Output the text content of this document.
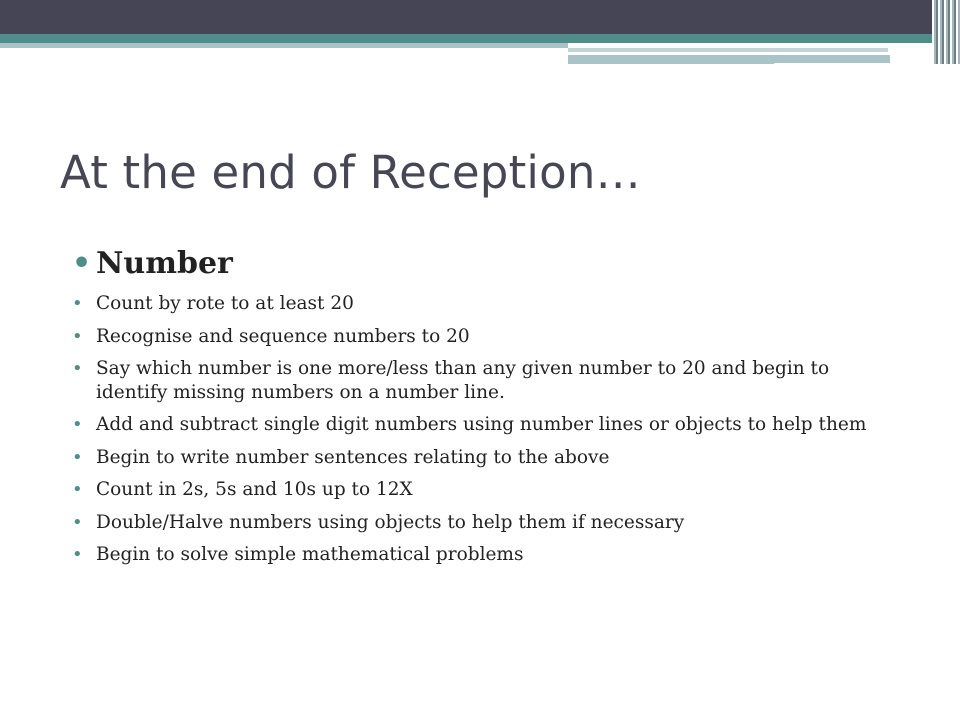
At the end of Reception…
• Number
• Count by rote to at least 20
• Recognise and sequence numbers to 20
• Say which number is one more/less than any given number to 20 and begin to identify missing numbers on a number line.
• Add and subtract single digit numbers using number lines or objects to help them
• Begin to write number sentences relating to the above
• Count in 2s, 5s and 10s up to 12X
• Double/Halve numbers using objects to help them if necessary
• Begin to solve simple mathematical problems
